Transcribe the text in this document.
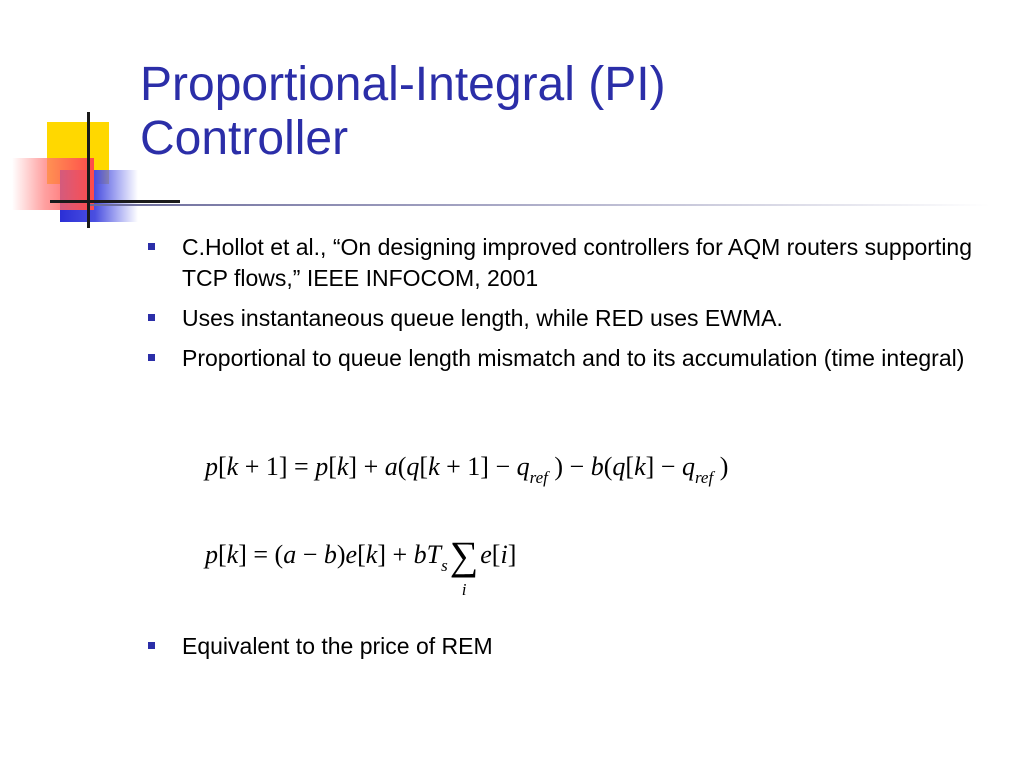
Proportional-Integral (PI)
Controller
C.Hollot et al., “On designing improved controllers for AQM routers supporting TCP flows,” IEEE INFOCOM, 2001
Uses instantaneous queue length, while RED uses EWMA.
Proportional to queue length mismatch and to its accumulation (time integral)
$p[k + 1] = p[k] + a(q[k + 1] - q_{ref}$ ) − $b(q[k] - q_{ref}$ )
$p[k] = (a - b)e[k] + bT_s\sum$
i
e[i]
Equivalent to the price of REM
